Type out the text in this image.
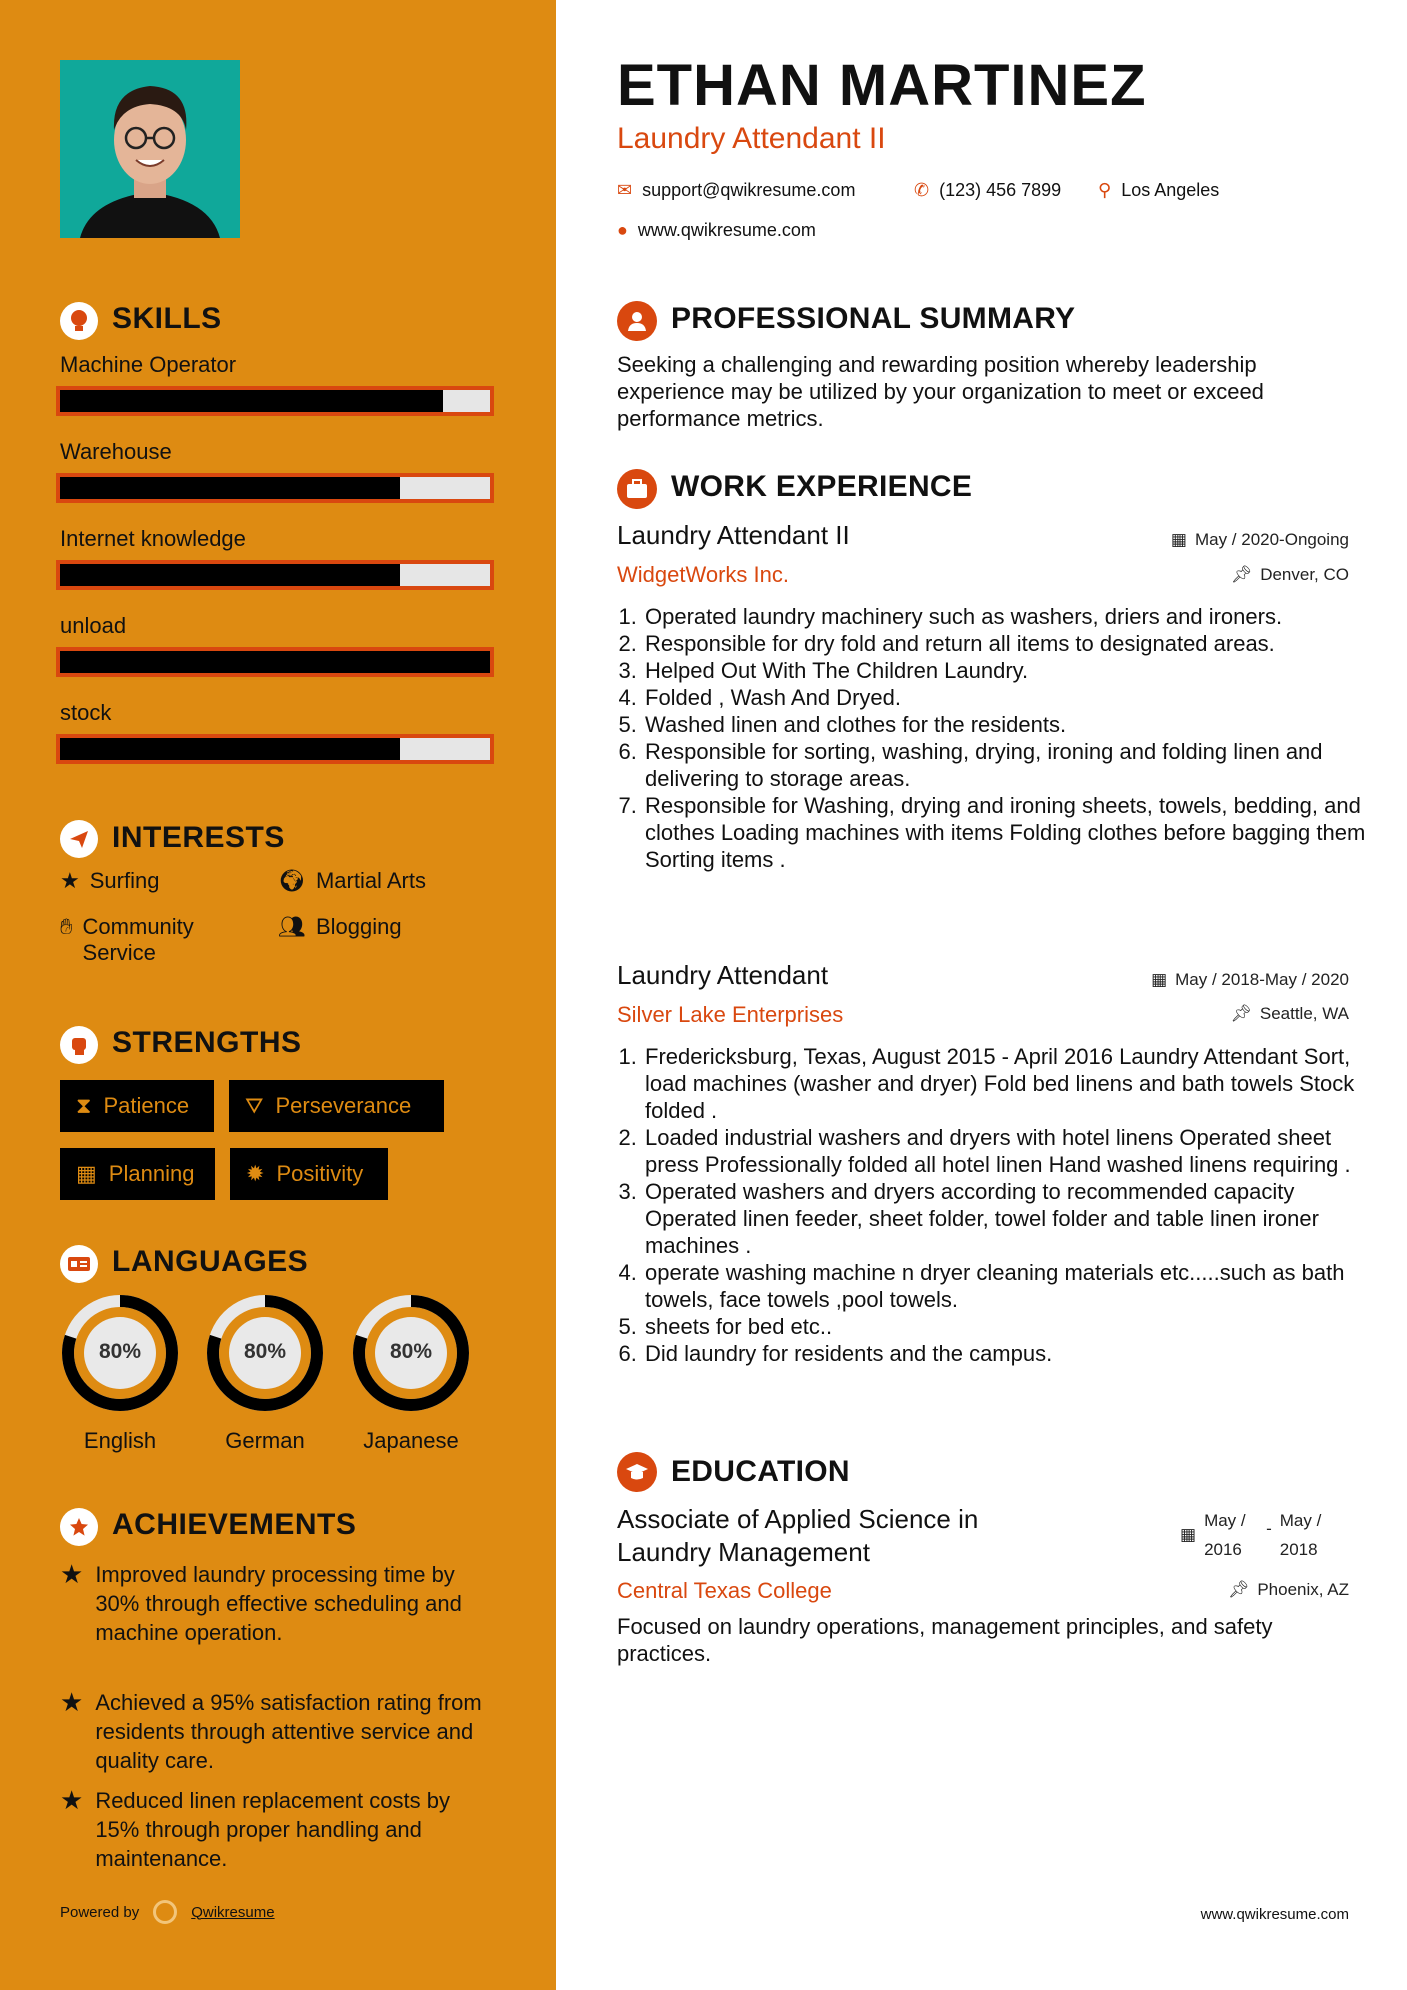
SKILLS
Machine Operator
Warehouse
Internet knowledge
unload
stock
INTERESTS
★ Surfing	🌍︎ Martial Arts
✋︎ Community Service
👥︎ Blogging
STRENGTHS
⧗ Patience	⛛ Perseverance
▦ Planning ✹ Positivity
LANGUAGES
80%
English
80%
German
80%
Japanese
ACHIEVEMENTS
★ Improved laundry processing time by 30% through effective scheduling and machine operation.
★ Achieved a 95% satisfaction rating from residents through attentive service and quality care.
★ Reduced linen replacement costs by 15% through proper handling and maintenance.
Powered by	Qwikresume
ETHAN MARTINEZ
Laundry Attendant II
✉ support@qwikresume.com	✆ (123) 456 7899 ⚲ Los Angeles
● www.qwikresume.com
PROFESSIONAL SUMMARY
Seeking a challenging and rewarding position whereby leadership experience may be utilized by your organization to meet or exceed performance metrics.
WORK EXPERIENCE
Laundry Attendant II	▦ May / 2020-Ongoing
WidgetWorks Inc.	📌︎ Denver, CO
1. Operated laundry machinery such as washers, driers and ironers.
2. Responsible for dry fold and return all items to designated areas.
3. Helped Out With The Children Laundry.
4. Folded , Wash And Dryed.
5. Washed linen and clothes for the residents.
6. Responsible for sorting, washing, drying, ironing and folding linen and delivering to storage areas.
7. Responsible for Washing, drying and ironing sheets, towels, bedding, and clothes Loading machines with items Folding clothes before bagging them Sorting items .
Laundry Attendant	▦ May / 2018-May / 2020
Silver Lake Enterprises	📌︎ Seattle, WA
1. Fredericksburg, Texas, August 2015 - April 2016 Laundry Attendant Sort, load machines (washer and dryer) Fold bed linens and bath towels Stock folded .
2. Loaded industrial washers and dryers with hotel linens Operated sheet press Professionally folded all hotel linen Hand washed linens requiring .
3. Operated washers and dryers according to recommended capacity Operated linen feeder, sheet folder, towel folder and table linen ironer machines .
4. operate washing machine n dryer cleaning materials etc.....such as bath towels, face towels ,pool towels.
5. sheets for bed etc..
6. Did laundry for residents and the campus.
EDUCATION
Associate of Applied Science in Laundry Management
▦
May / 2016
- May / 2018
Central Texas College	📌︎ Phoenix, AZ
Focused on laundry operations, management principles, and safety practices.
www.qwikresume.com
